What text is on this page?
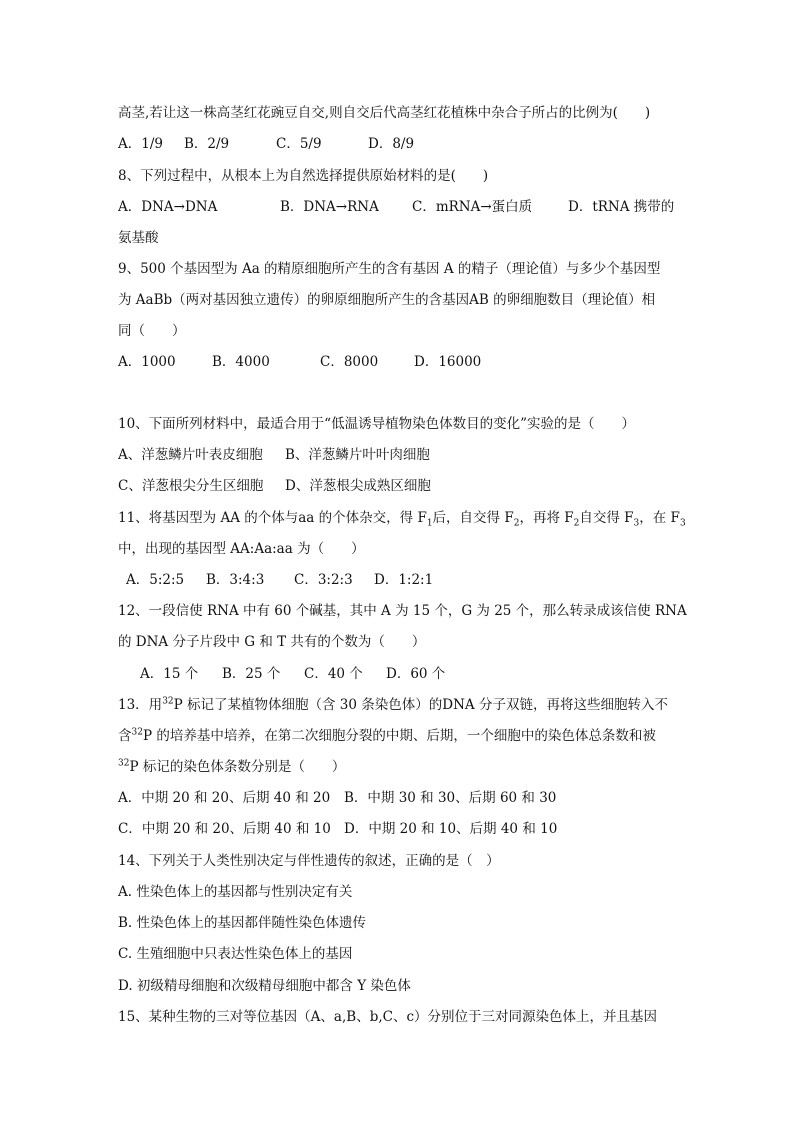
高茎,若让这一株高茎红花豌豆自交,则自交后代高茎红花植株中杂合子所占的比例为(　　)
A．1/9 B．2/9	C．5/9	D．8/9
8、下列过程中，从根本上为自然选择提供原始材料的是(　　)
A．DNA→DNA	B．DNA→RNA C．mRNA→蛋白质	D．tRNA 携带的
氨基酸
9、500 个基因型为 Aa 的精原细胞所产生的含有基因 A 的精子（理论值）与多少个基因型
为 AaBb（两对基因独立遗传）的卵原细胞所产生的含基因AB 的卵细胞数目（理论值）相
同（　　）
A．1000	B．4000	C．8000	D．16000
10、下面所列材料中，最适合用于“低温诱导植物染色体数目的变化”实验的是（　　）
A、洋葱鳞片叶表皮细胞 B、洋葱鳞片叶叶肉细胞
C、洋葱根尖分生区细胞 D、洋葱根尖成熟区细胞
11、将基因型为 AA 的个体与aa 的个体杂交，得 $F_1$后，自交得 $F_2$，再将 $F_2$自交得 $F_3$，在 $F_3$
中，出现的基因型 AA:Aa:aa 为（　　）
A．5:2:5 B．3:4:3 C．3:2:3 D．1:2:1
12、一段信使 RNA 中有 60 个碱基，其中 A 为 15 个，G 为 25 个，那么转录成该信使 RNA
的 DNA 分子片段中 G 和 T 共有的个数为（　　）
A．15 个 B．25 个 C．40 个 D．60 个
13．用$^{32}$P 标记了某植物体细胞（含 30 条染色体）的DNA 分子双链，再将这些细胞转入不
含$^{32}$P 的培养基中培养，在第二次细胞分裂的中期、后期，一个细胞中的染色体总条数和被
$^{32}$P 标记的染色体条数分别是（　　）
A．中期 20 和 20、后期 40 和 20 B．中期 30 和 30、后期 60 和 30
C．中期 20 和 20、后期 40 和 10 D．中期 20 和 10、后期 40 和 10
14、下列关于人类性别决定与伴性遗传的叙述，正确的是（　）
A. 性染色体上的基因都与性别决定有关
B. 性染色体上的基因都伴随性染色体遗传
C. 生殖细胞中只表达性染色体上的基因
D. 初级精母细胞和次级精母细胞中都含 Y 染色体
15、某种生物的三对等位基因（A、a,B、b,C、c）分别位于三对同源染色体上，并且基因
